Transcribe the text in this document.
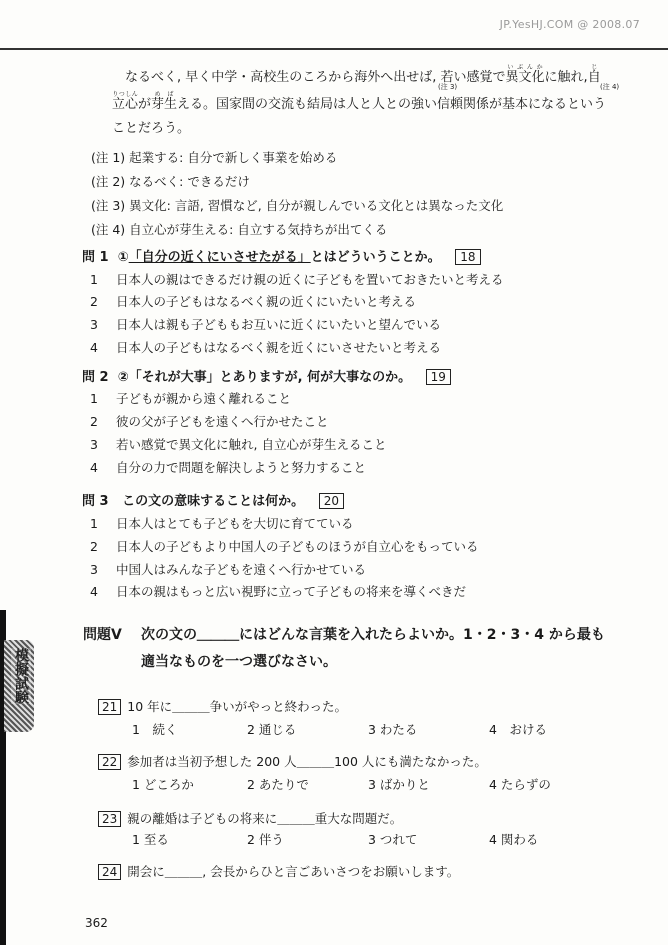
JP.YesHJ.COM @ 2008.07
なるべく, 早く中学・高校生のころから海外へ出せば, 若い感覚で異文化いぶんかに触れ,自じ
(注 3)	(注 4)
立心りつしんが芽生めばえる。国家間の交流も結局は人と人との強い信頼関係が基本になるという
ことだろう。
(注 1) 起業する: 自分で新しく事業を始める
(注 2) なるべく: できるだけ
(注 3) 異文化: 言語, 習慣など, 自分が親しんでいる文化とは異なった文化
(注 4) 自立心が芽生える: 自立する気持ちが出てくる
問 1 ①「自分の近くにいさせたがる」とはどういうことか。 18
1 日本人の親はできるだけ親の近くに子どもを置いておきたいと考える
2 日本人の子どもはなるべく親の近くにいたいと考える
3 日本人は親も子どももお互いに近くにいたいと望んでいる
4 日本人の子どもはなるべく親を近くにいさせたいと考える
問 2 ②「それが大事」とありますが, 何が大事なのか。 19
1 子どもが親から遠く離れること
2 彼の父が子どもを遠くへ行かせたこと
3 若い感覚で異文化に触れ, 自立心が芽生えること
4 自分の力で問題を解決しようと努力すること
問 3 この文の意味することは何か。 20
1 日本人はとても子どもを大切に育てている
2 日本人の子どもより中国人の子どものほうが自立心をもっている
3 中国人はみんな子どもを遠くへ行かせている
4 日本の親はもっと広い視野に立って子どもの将来を導くべきだ
問題Ⅴ 次の文の＿＿＿にはどんな言葉を入れたらよいか。1・2・3・4 から最も
適当なものを一つ選びなさい。
21 10 年に＿＿＿争いがやっと終わった。
1　続く	2 通じる	3 わたる	4　おける
22 参加者は当初予想した 200 人＿＿＿100 人にも満たなかった。
1 どころか	2 あたりで	3 ばかりと	4 たらずの
23 親の離婚は子どもの将来に＿＿＿重大な問題だ。
1 至る	2 伴う	3 つれて	4 関わる
24 開会に＿＿＿, 会長からひと言ごあいさつをお願いします。
模擬試験
362
